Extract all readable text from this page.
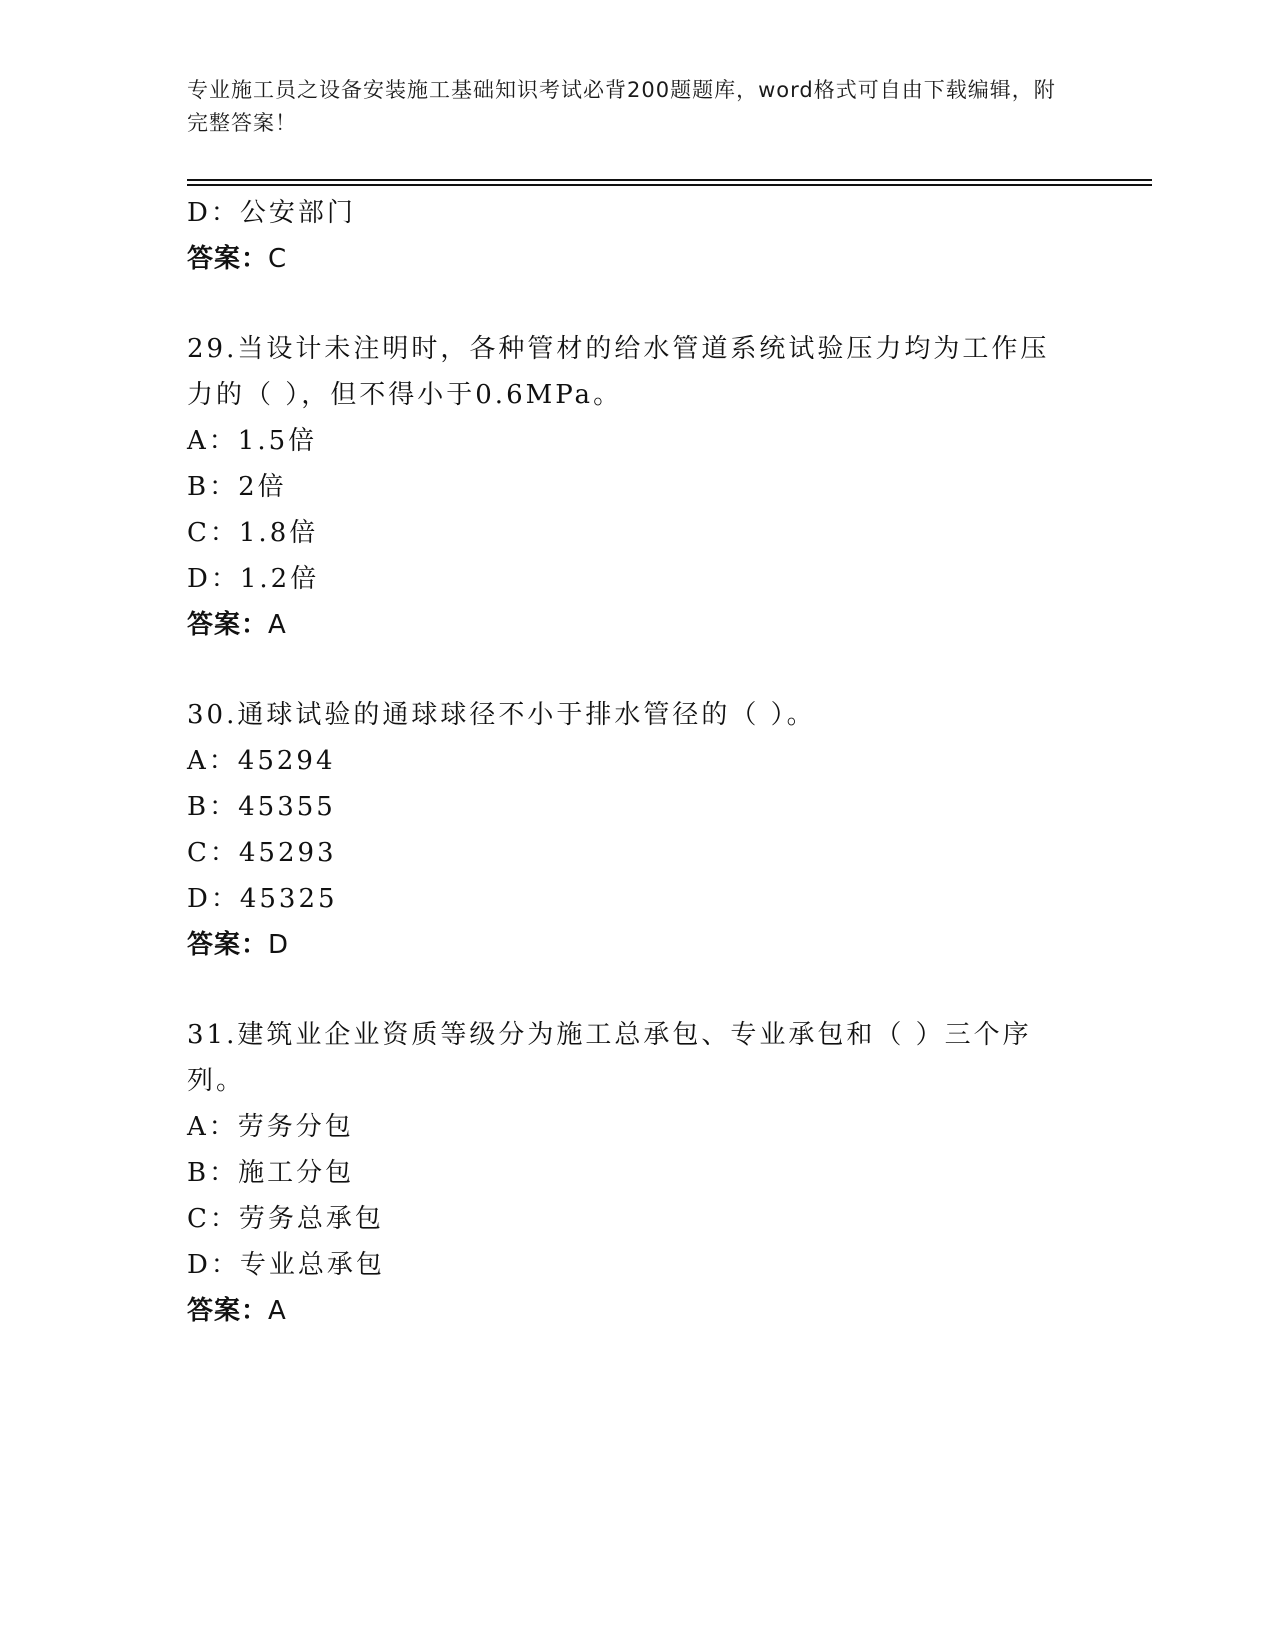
专业施工员之设备安装施工基础知识考试必背200题题库，word格式可自由下载编辑，附完整答案！
D：公安部门
答案：C
29.当设计未注明时，各种管材的给水管道系统试验压力均为工作压力的（ ），但不得小于0.6MPa。
A：1.5倍
B：2倍
C：1.8倍
D：1.2倍
答案：A
30.通球试验的通球球径不小于排水管径的（ ）。
A：45294
B：45355
C：45293
D：45325
答案：D
31.建筑业企业资质等级分为施工总承包、专业承包和（ ）三个序列。
A：劳务分包
B：施工分包
C：劳务总承包
D：专业总承包
答案：A
